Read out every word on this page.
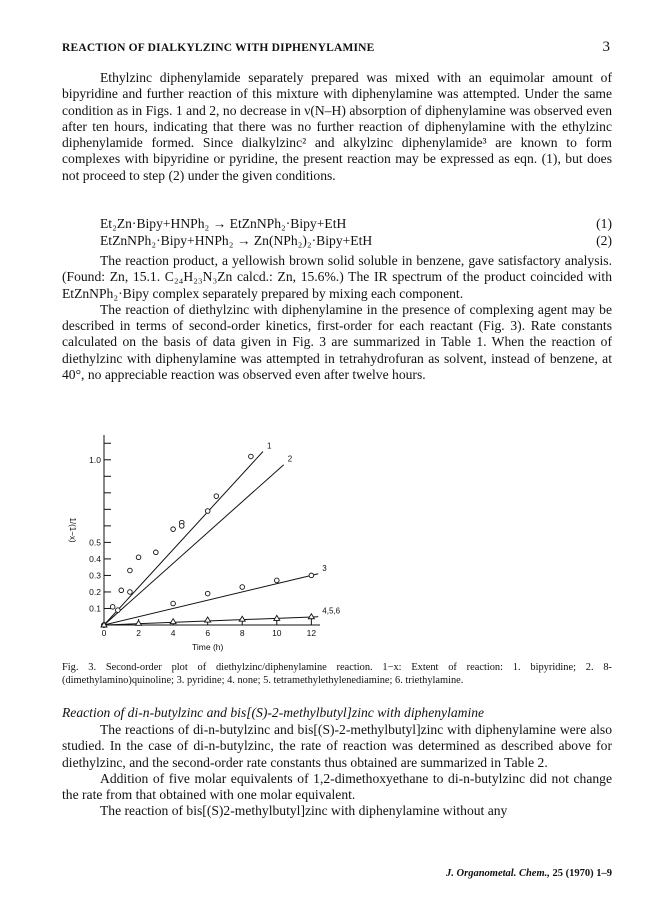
REACTION OF DIALKYLZINC WITH DIPHENYLAMINE	3

Ethylzinc diphenylamide separately prepared was mixed with an equimolar amount of bipyridine and further reaction of this mixture with diphenylamine was attempted. Under the same condition as in Figs. 1 and 2, no decrease in ν(N–H) absorption of diphenylamine was observed even after ten hours, indicating that there was no further reaction of diphenylamine with the ethylzinc diphenylamide formed. Since dialkylzinc² and alkylzinc diphenylamide³ are known to form complexes with bipyridine or pyridine, the present reaction may be expressed as eqn. (1), but does not proceed to step (2) under the given conditions.

Et₂Zn·Bipy+HNPh₂ → EtZnNPh₂·Bipy+EtH	(1)
EtZnNPh₂·Bipy+HNPh₂ → Zn(NPh₂)₂·Bipy+EtH	(2)

The reaction product, a yellowish brown solid soluble in benzene, gave satisfactory analysis. (Found: Zn, 15.1. C₂₄H₂₃N₃Zn calcd.: Zn, 15.6%.) The IR spectrum of the product coincided with EtZnNPh₂·Bipy complex separately prepared by mixing each component.

The reaction of diethylzinc with diphenylamine in the presence of complexing agent may be described in terms of second-order kinetics, first-order for each reactant (Fig. 3). Rate constants calculated on the basis of data given in Fig. 3 are summarized in Table 1. When the reaction of diethylzinc with diphenylamine was attempted in tetrahydrofuran as solvent, instead of benzene, at 40°, no appreciable reaction was observed even after twelve hours.

0	2	4	6	8	10	12
0.1
0.2
0.3
0.4
0.5
1.0
Time (h)
1/(1−x)
1
2
3
4,5,6
Fig. 3. Second-order plot of diethylzinc/diphenylamine reaction. 1−x: Extent of reaction: 1. bipyridine; 2. 8-(dimethylamino)quinoline; 3. pyridine; 4. none; 5. tetramethylethylenediamine; 6. triethylamine.
Reaction of di-n-butylzinc and bis[(S)-2-methylbutyl]zinc with diphenylamine

The reactions of di-n-butylzinc and bis[(S)-2-methylbutyl]zinc with diphenylamine were also studied. In the case of di-n-butylzinc, the rate of reaction was determined as described above for diethylzinc, and the second-order rate constants thus obtained are summarized in Table 2.

Addition of five molar equivalents of 1,2-dimethoxyethane to di-n-butylzinc did not change the rate from that obtained with one molar equivalent.

The reaction of bis[(S)2-methylbutyl]zinc with diphenylamine without any

J. Organometal. Chem., 25 (1970) 1–9
